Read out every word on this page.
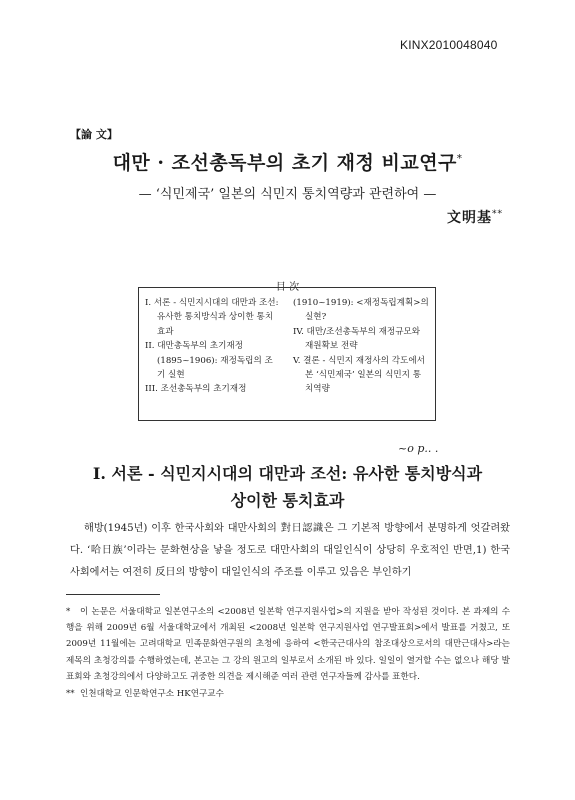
KINX2010048040
【論 文】
대만 · 조선총독부의 초기 재정 비교연구*
— ‘식민제국’ 일본의 식민지 통치역량과 관련하여 —
文明基**
目 次

I. 서론 - 식민지시대의 대만과 조선: 유사한 통치방식과 상이한 통치효과

II. 대만총독부의 초기재정(1895~1906): 재정독립의 조기 실현

III. 조선총독부의 초기재정

(1910~1919): <재정독립계획>의 실현?

IV. 대만/조선총독부의 재정규모와 재원확보 전략

V. 결론 - 식민지 재정사의 각도에서 본 ‘식민제국’ 일본의 식민지 통치역량

~o p.. .
I. 서론 - 식민지시대의 대만과 조선: 유사한 통치방식과
상이한 통치효과
해방(1945년) 이후 한국사회와 대만사회의 對日認識은 그 기본적 방향에서 분명하게 엇갈려왔다. ‘哈日族’이라는 문화현상을 낳을 정도로 대만사회의 대일인식이 상당히 우호적인 반면,1) 한국사회에서는 여전히 反日의 방향이 대일인식의 주조를 이루고 있음은 부인하기
* 이 논문은 서울대학교 일본연구소의 <2008년 일본학 연구지원사업>의 지원을 받아 작성된 것이다. 본 과제의 수행을 위해 2009년 6월 서울대학교에서 개최된 <2008년 일본학 연구지원사업 연구발표회>에서 발표를 거쳤고, 또 2009년 11월에는 고려대학교 민족문화연구원의 초청에 응하여 <한국근대사의 참조대상으로서의 대만근대사>라는 제목의 초청강의를 수행하였는데, 본고는 그 강의 원고의 일부로서 소개된 바 있다. 일일이 열거할 수는 없으나 해당 발표회와 초청강의에서 다양하고도 귀중한 의견을 제시해준 여러 관련 연구자들께 감사를 표한다.
** 인천대학교 인문학연구소 HK연구교수
